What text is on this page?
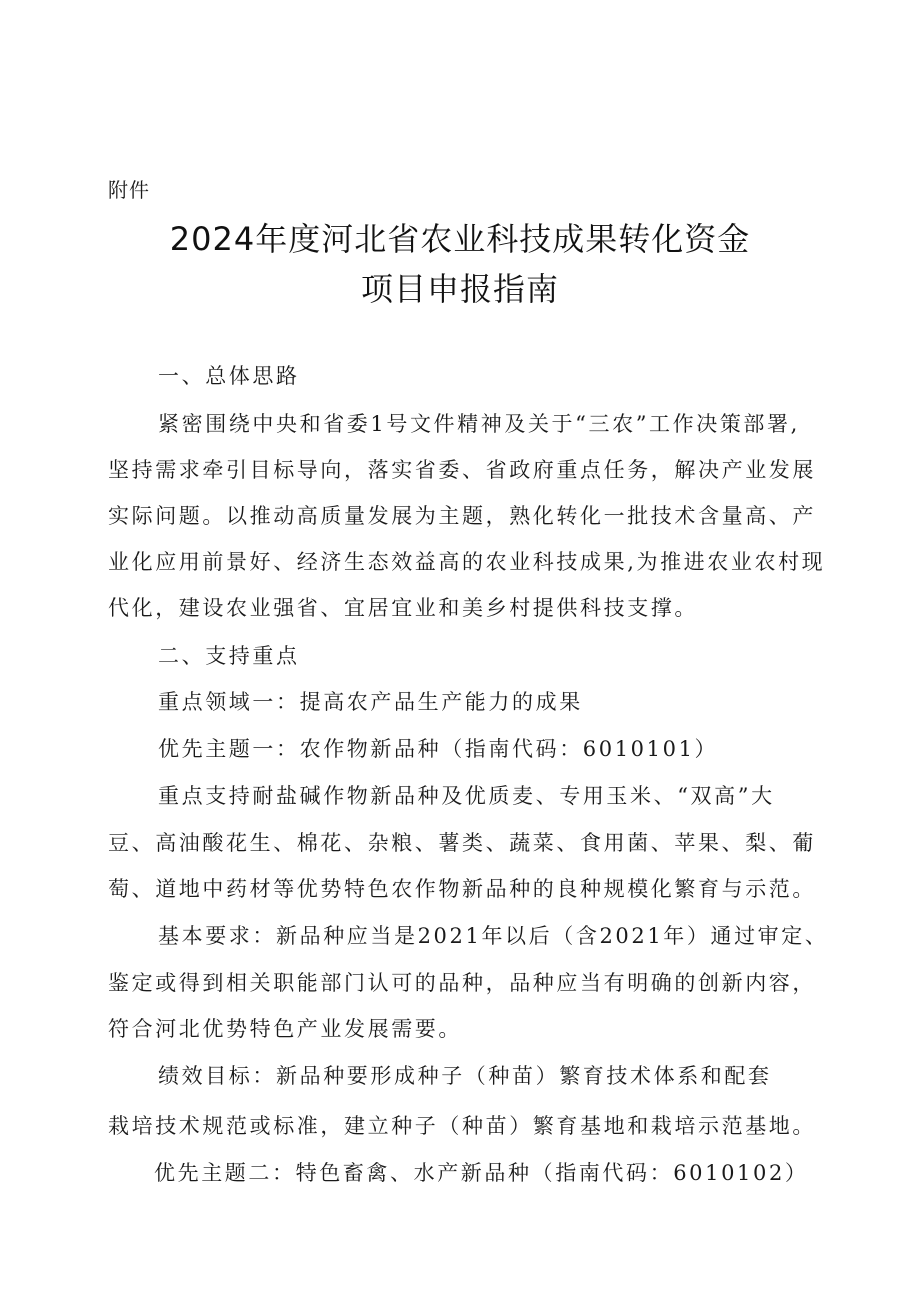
附件
2024年度河北省农业科技成果转化资金
项目申报指南
一、总体思路
紧密围绕中央和省委1号文件精神及关于“三农”工作决策部署,
坚持需求牵引目标导向，落实省委、省政府重点任务，解决产业发展
实际问题。以推动高质量发展为主题，熟化转化一批技术含量高、产
业化应用前景好、经济生态效益高的农业科技成果,为推进农业农村现
代化，建设农业强省、宜居宜业和美乡村提供科技支撑。
二、支持重点
重点领域一：提高农产品生产能力的成果
优先主题一：农作物新品种（指南代码：6010101）
重点支持耐盐碱作物新品种及优质麦、专用玉米、“双高”大
豆、高油酸花生、棉花、杂粮、薯类、蔬菜、食用菌、苹果、梨、葡
萄、道地中药材等优势特色农作物新品种的良种规模化繁育与示范。
基本要求：新品种应当是2021年以后（含2021年）通过审定、
鉴定或得到相关职能部门认可的品种，品种应当有明确的创新内容，
符合河北优势特色产业发展需要。
绩效目标：新品种要形成种子（种苗）繁育技术体系和配套
栽培技术规范或标准，建立种子（种苗）繁育基地和栽培示范基地。
优先主题二：特色畜禽、水产新品种（指南代码：6010102）
